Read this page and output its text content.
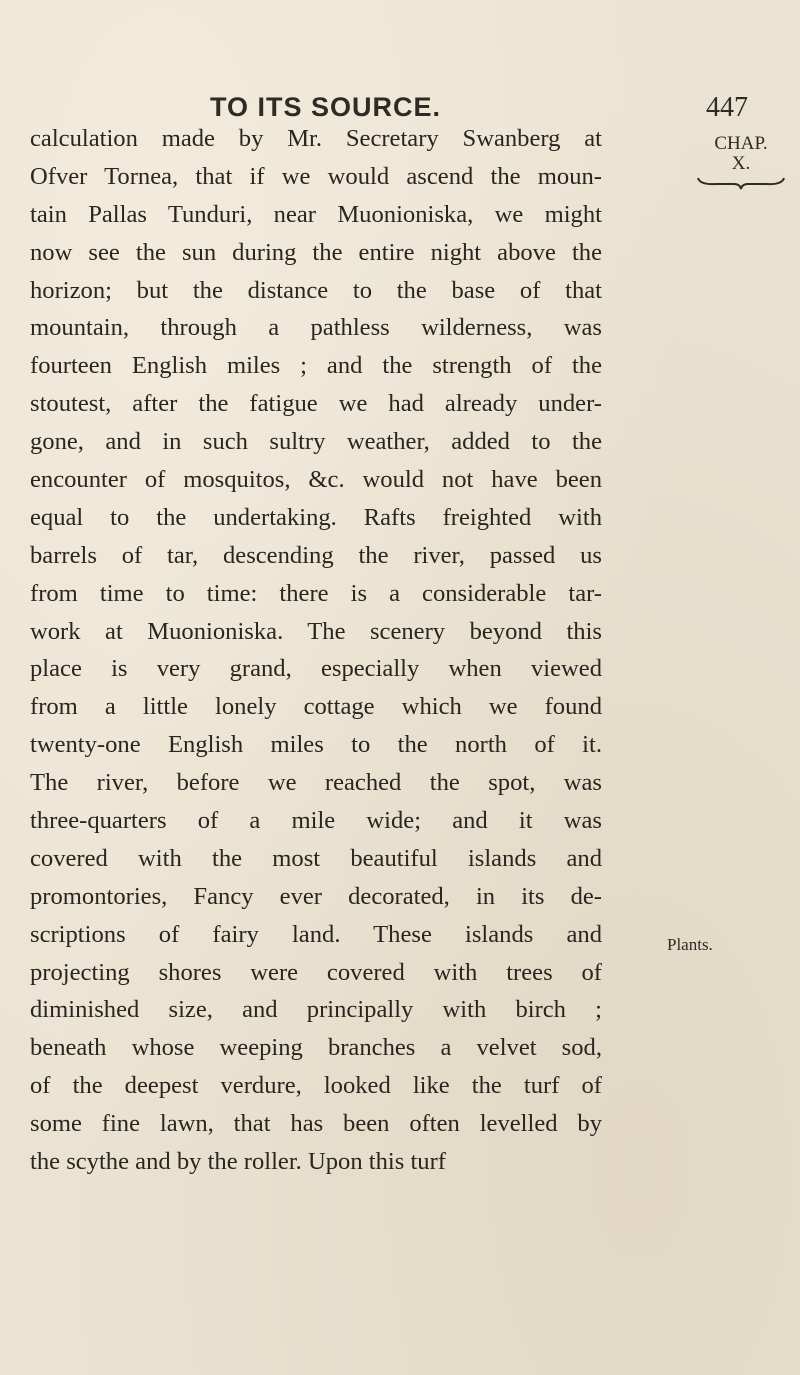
TO ITS SOURCE.	447
CHAP.
X.
calculation made by Mr. Secretary Swanberg at
Ofver Tornea, that if we would ascend the moun-
tain Pallas Tunduri, near Muonioniska, we might
now see the sun during the entire night above the
horizon; but the distance to the base of that
mountain, through a pathless wilderness, was
fourteen English miles ; and the strength of the
stoutest, after the fatigue we had already under-
gone, and in such sultry weather, added to the
encounter of mosquitos, &c. would not have been
equal to the undertaking. Rafts freighted with
barrels of tar, descending the river, passed us
from time to time: there is a considerable tar-
work at Muonioniska. The scenery beyond this
place is very grand, especially when viewed
from a little lonely cottage which we found
twenty-one English miles to the north of it.
The river, before we reached the spot, was
three-quarters of a mile wide; and it was
covered with the most beautiful islands and
promontories, Fancy ever decorated, in its de-
scriptions of fairy land. These islands and
projecting shores were covered with trees of
diminished size, and principally with birch ;
beneath whose weeping branches a velvet sod,
of the deepest verdure, looked like the turf of
some fine lawn, that has been often levelled by
the scythe and by the roller. Upon this turf
Plants.
